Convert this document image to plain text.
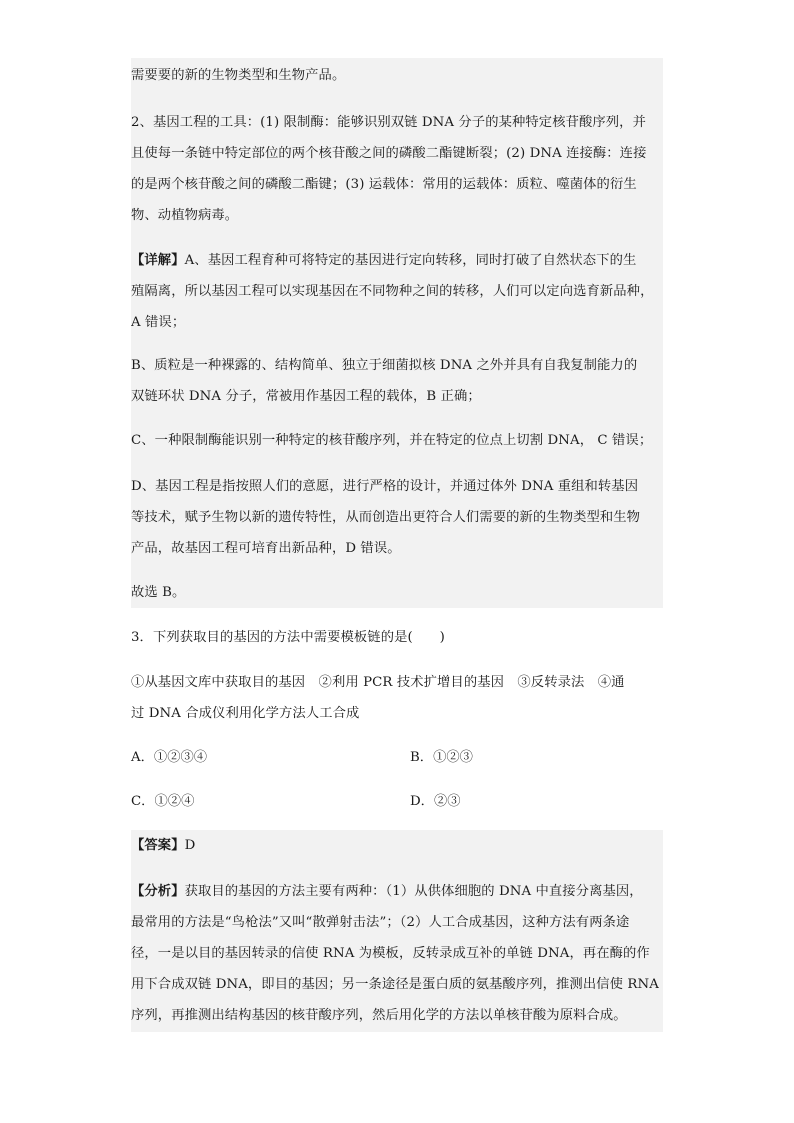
需要要的新的生物类型和生物产品。
2、基因工程的工具：(1) 限制酶：能够识别双链 DNA 分子的某种特定核苷酸序列，并
且使每一条链中特定部位的两个核苷酸之间的磷酸二酯键断裂；(2) DNA 连接酶：连接
的是两个核苷酸之间的磷酸二酯键；(3) 运载体：常用的运载体：质粒、噬菌体的衍生
物、动植物病毒。
【详解】A、基因工程育种可将特定的基因进行定向转移，同时打破了自然状态下的生
殖隔离，所以基因工程可以实现基因在不同物种之间的转移，人们可以定向选育新品种，
A 错误；
B、质粒是一种裸露的、结构简单、独立于细菌拟核 DNA 之外并具有自我复制能力的
双链环状 DNA 分子，常被用作基因工程的载体，B 正确；
C、一种限制酶能识别一种特定的核苷酸序列，并在特定的位点上切割 DNA， C 错误；
D、基因工程是指按照人们的意愿，进行严格的设计，并通过体外 DNA 重组和转基因
等技术，赋予生物以新的遗传特性，从而创造出更符合人们需要的新的生物类型和生物
产品，故基因工程可培育出新品种，D 错误。
故选 B。
3．下列获取目的基因的方法中需要模板链的是(　　)
①从基因文库中获取目的基因　②利用 PCR 技术扩增目的基因　③反转录法　④通
过 DNA 合成仪利用化学方法人工合成
A．①②③④	B．①②③
C．①②④	D．②③
【答案】D
【分析】获取目的基因的方法主要有两种：（1）从供体细胞的 DNA 中直接分离基因，
最常用的方法是“鸟枪法”又叫“散弹射击法”；（2）人工合成基因，这种方法有两条途
径，一是以目的基因转录的信使 RNA 为模板，反转录成互补的单链 DNA，再在酶的作
用下合成双链 DNA，即目的基因；另一条途径是蛋白质的氨基酸序列，推测出信使 RNA
序列，再推测出结构基因的核苷酸序列，然后用化学的方法以单核苷酸为原料合成。
